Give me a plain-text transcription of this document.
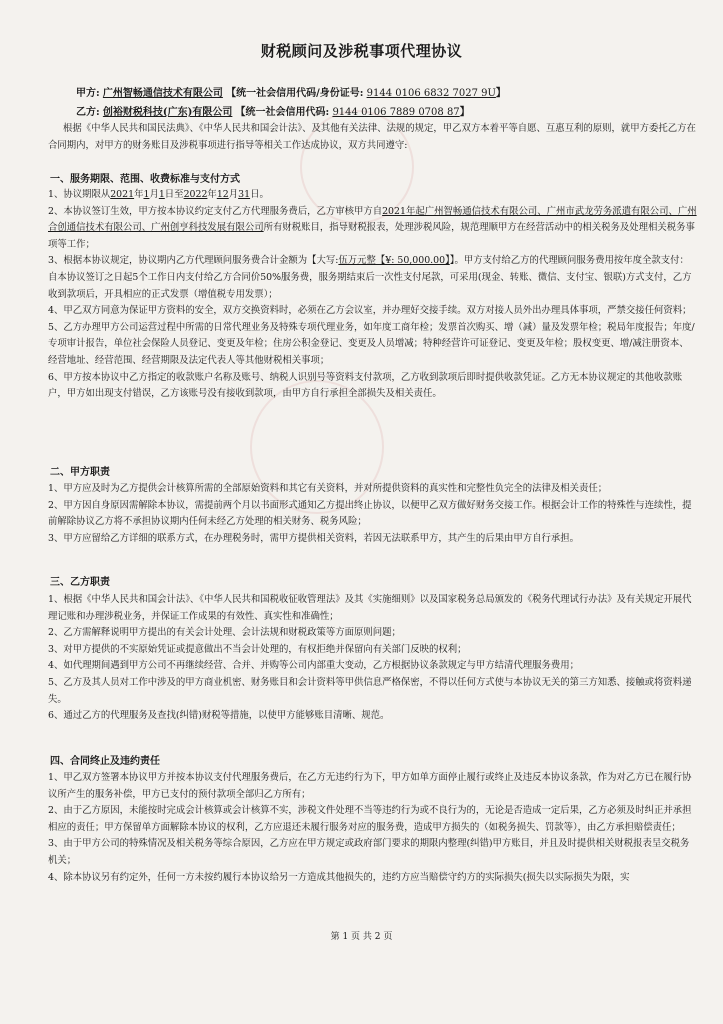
财税顾问及涉税事项代理协议
甲方: 广州智畅通信技术有限公司 【统一社会信用代码/身份证号: 9144 0106 6832 7027 9U】
乙方: 创裕财税科技(广东)有限公司 【统一社会信用代码: 9144 0106 7889 0708 87】

根据《中华人民共和国民法典》、《中华人民共和国会计法》、及其他有关法律、法规的规定，甲乙双方本着平等自愿、互惠互利的原则，就甲方委托乙方在合同期内，对甲方的财务账目及涉税事项进行指导等相关工作达成协议，双方共同遵守:

一、服务期限、范围、收费标准与支付方式

1、协议期限从2021年1月1日至2022年12月31日。

2、本协议签订生效，甲方按本协议约定支付乙方代理服务费后，乙方审核甲方自2021年起广州智畅通信技术有限公司、广州市武龙劳务派遣有限公司、广州合创通信技术有限公司、广州创亨科技发展有限公司所有财税账目，指导财税报表，处理涉税风险，规范理顺甲方在经营活动中的相关税务及处理相关税务事项等工作；

3、根据本协议规定，协议期内乙方代理顾问服务费合计金额为【大写:伍万元整【¥: 50,000.00】】。甲方支付给乙方的代理顾问服务费用按年度全款支付：自本协议签订之日起5个工作日内支付给乙方合同价50%服务费，服务期结束后一次性支付尾款，可采用(现金、转账、微信、支付宝、银联)方式支付，乙方收到款项后，开具相应的正式发票（增值税专用发票）；

4、甲乙双方同意为保证甲方资料的安全，双方交换资料时，必须在乙方会议室，并办理好交接手续。双方对接人员外出办理具体事项，严禁交接任何资料；

5、乙方办理甲方公司运营过程中所需的日常代理业务及特殊专项代理业务，如年度工商年检；发票首次购买、增（减）量及发票年检；税局年度报告；年度/专项审计报告，单位社会保险人员登记、变更及年检；住房公积金登记、变更及人员增减；特种经营许可证登记、变更及年检；股权变更、增/减注册资本、经营地址、经营范围、经营期限及法定代表人等其他财税相关事项；

6、甲方按本协议中乙方指定的收款账户名称及账号、纳税人识别号等资料支付款项，乙方收到款项后即时提供收款凭证。乙方无本协议规定的其他收款账户，甲方如出现支付错误，乙方该账号没有接收到款项，由甲方自行承担全部损失及相关责任。

二、甲方职责

1、甲方应及时为乙方提供会计核算所需的全部原始资料和其它有关资料，并对所提供资料的真实性和完整性负完全的法律及相关责任；

2、甲方因自身原因需解除本协议，需提前两个月以书面形式通知乙方提出终止协议，以便甲乙双方做好财务交接工作。根据会计工作的特殊性与连续性，提前解除协议乙方将不承担协议期内任何未经乙方处理的相关财务、税务风险；

3、甲方应留给乙方详细的联系方式，在办理税务时，需甲方提供相关资料，若因无法联系甲方，其产生的后果由甲方自行承担。

三、乙方职责

1、根据《中华人民共和国会计法》、《中华人民共和国税收征收管理法》及其《实施细则》以及国家税务总局颁发的《税务代理试行办法》及有关规定开展代理记账和办理涉税业务，并保证工作成果的有效性、真实性和准确性；

2、乙方需解释说明甲方提出的有关会计处理、会计法规和财税政策等方面原则问题；

3、对甲方提供的不实原始凭证或提意做出不当会计处理的，有权拒绝并保留向有关部门反映的权利；

4、如代理期间遇到甲方公司不再继续经营、合并、并购等公司内部重大变动，乙方根据协议条款规定与甲方结清代理服务费用；

5、乙方及其人员对工作中涉及的甲方商业机密、财务账目和会计资料等甲供信息严格保密，不得以任何方式使与本协议无关的第三方知悉、接触或将资料递失。

6、通过乙方的代理服务及查找(纠错)财税等措施，以使甲方能够账目清晰、规范。

四、合同终止及违约责任

1、甲乙双方签署本协议甲方并按本协议支付代理服务费后，在乙方无违约行为下，甲方如单方面停止履行或终止及违反本协议条款，作为对乙方已在履行协议所产生的服务补偿，甲方已支付的预付款项全部归乙方所有；

2、由于乙方原因，未能按时完成会计核算或会计核算不实，涉税文件处理不当等违约行为或不良行为的，无论是否造成一定后果，乙方必须及时纠正并承担相应的责任；甲方保留单方面解除本协议的权利，乙方应退还未履行服务对应的服务费，造成甲方损失的（如税务损失、罚款等），由乙方承担赔偿责任；

3、由于甲方公司的特殊情况及相关税务等综合原因，乙方应在甲方规定或政府部门要求的期限内整理(纠错)甲方账目，并且及时提供相关财税报表呈交税务机关；

4、除本协议另有约定外，任何一方未按约履行本协议给另一方造成其他损失的，违约方应当赔偿守约方的实际损失(损失以实际损失为限，实

第 1 页 共 2 页
